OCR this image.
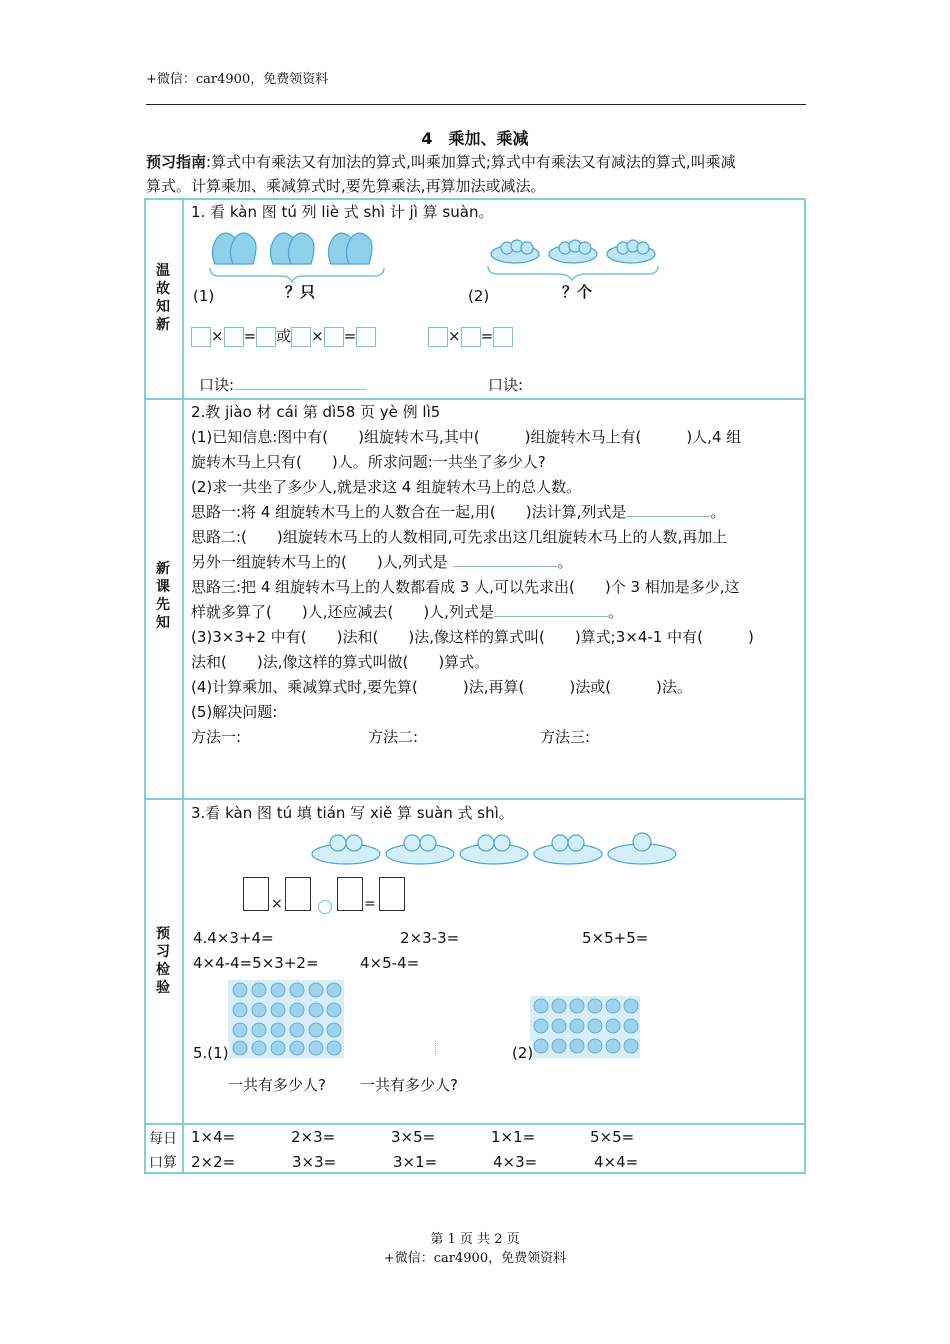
+微信：car4900，免费领资料
4　乘加、乘减
预习指南:算式中有乘法又有加法的算式,叫乘加算式;算式中有乘法又有减法的算式,叫乘减
算式。计算乘加、乘减算式时,要先算乘法,再算加法或减法。
温故知新
新课先知
预习检验
每日
口算
1. 看 kàn 图 tú 列 liè 式 shì 计 jì 算 suàn。
(1)	？只	(2)	？个
× = 或 × =	× =
口诀:	口诀:
2.教 jiào 材 cái 第 dì58 页 yè 例 lì5
(1)已知信息:图中有(　　)组旋转木马,其中(　　　)组旋转木马上有(　　　)人,4 组
旋转木马上只有(　　)人。所求问题:一共坐了多少人?
(2)求一共坐了多少人,就是求这 4 组旋转木马上的总人数。
思路一:将 4 组旋转木马上的人数合在一起,用(　　)法计算,列式是	。
思路二:(　　)组旋转木马上的人数相同,可先求出这几组旋转木马上的人数,再加上
另外一组旋转木马上的(　　)人,列式是	。
思路三:把 4 组旋转木马上的人数都看成 3 人,可以先求出(　　)个 3 相加是多少,这
样就多算了(　　)人,还应减去(　　)人,列式是	。
(3)3×3+2 中有(　　)法和(　　)法,像这样的算式叫(　　)算式;3×4-1 中有(　　　)
法和(　　)法,像这样的算式叫做(　　)算式。
(4)计算乘加、乘减算式时,要先算(　　　)法,再算(　　　)法或(　　　)法。
(5)解决问题:
方法一:	方法二:	方法三:
3.看 kàn 图 tú 填 tián 写 xiě 算 suàn 式 shì。
×	=
4.4×3+4=	2×3-3=	5×5+5=
4×4-4=5×3+2=	4×5-4=
5.(1)	(2)
一共有多少人? 一共有多少人?
1×4=	2×3=	3×5=	1×1=	5×5=
2×2=	3×3=	3×1=	4×3=	4×4=
第 1 页 共 2 页
+微信：car4900，免费领资料
